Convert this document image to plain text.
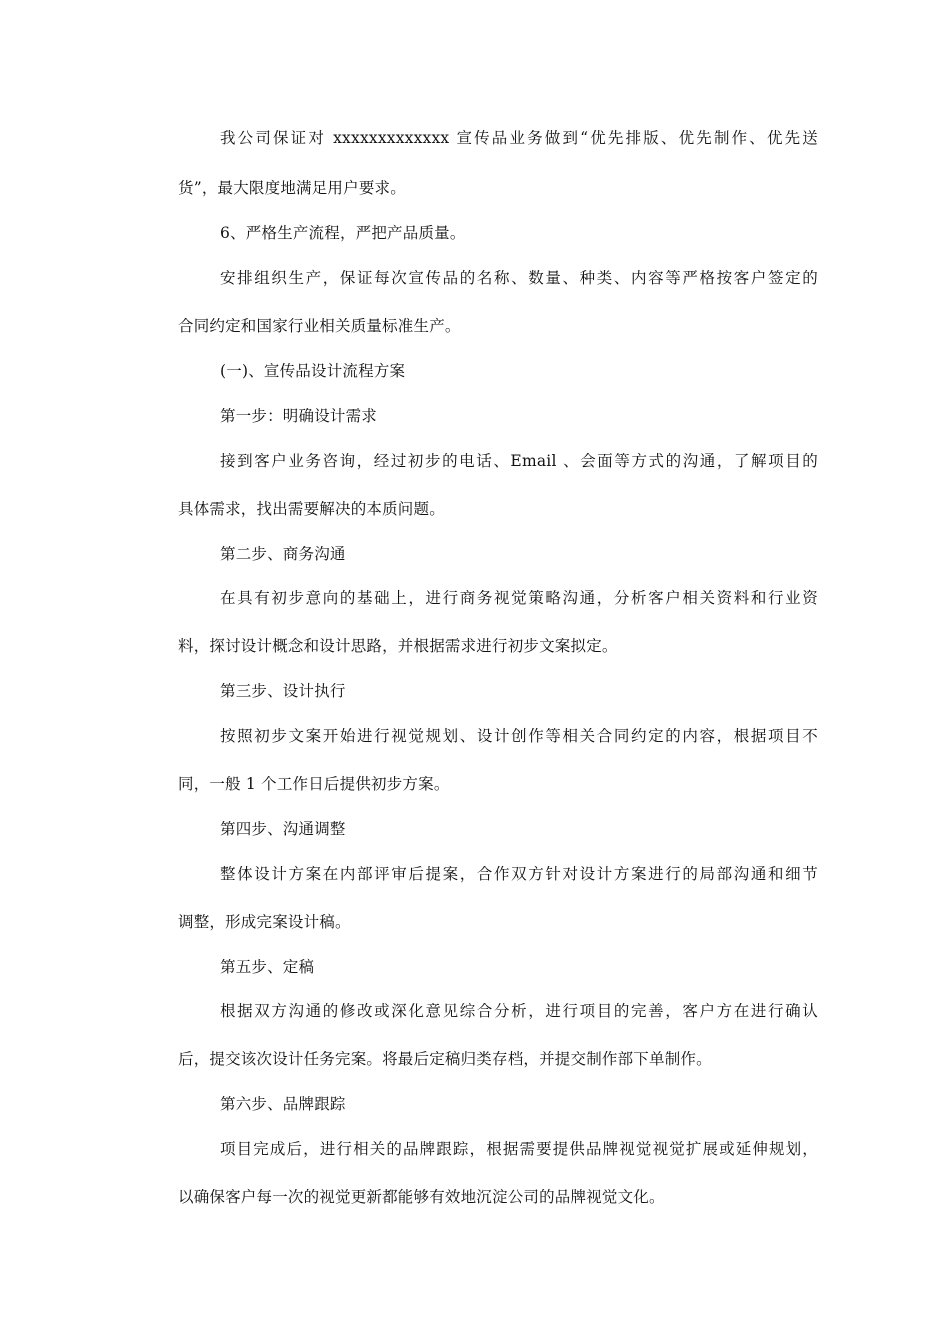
我公司保证对 xxxxxxxxxxxxx 宣传品业务做到“优先排版、优先制作、优先送
货”，最大限度地满足用户要求。
6、严格生产流程，严把产品质量。
安排组织生产，保证每次宣传品的名称、数量、种类、内容等严格按客户签定的
合同约定和国家行业相关质量标准生产。
(一)、宣传品设计流程方案
第一步：明确设计需求
接到客户业务咨询，经过初步的电话、Email 、会面等方式的沟通，了解项目的
具体需求，找出需要解决的本质问题。
第二步、商务沟通
在具有初步意向的基础上，进行商务视觉策略沟通，分析客户相关资料和行业资
料，探讨设计概念和设计思路，并根据需求进行初步文案拟定。
第三步、设计执行
按照初步文案开始进行视觉规划、设计创作等相关合同约定的内容，根据项目不
同，一般 1 个工作日后提供初步方案。
第四步、沟通调整
整体设计方案在内部评审后提案，合作双方针对设计方案进行的局部沟通和细节
调整，形成完案设计稿。
第五步、定稿
根据双方沟通的修改或深化意见综合分析，进行项目的完善，客户方在进行确认
后，提交该次设计任务完案。将最后定稿归类存档，并提交制作部下单制作。
第六步、品牌跟踪
项目完成后，进行相关的品牌跟踪，根据需要提供品牌视觉视觉扩展或延伸规划，
以确保客户每一次的视觉更新都能够有效地沉淀公司的品牌视觉文化。
